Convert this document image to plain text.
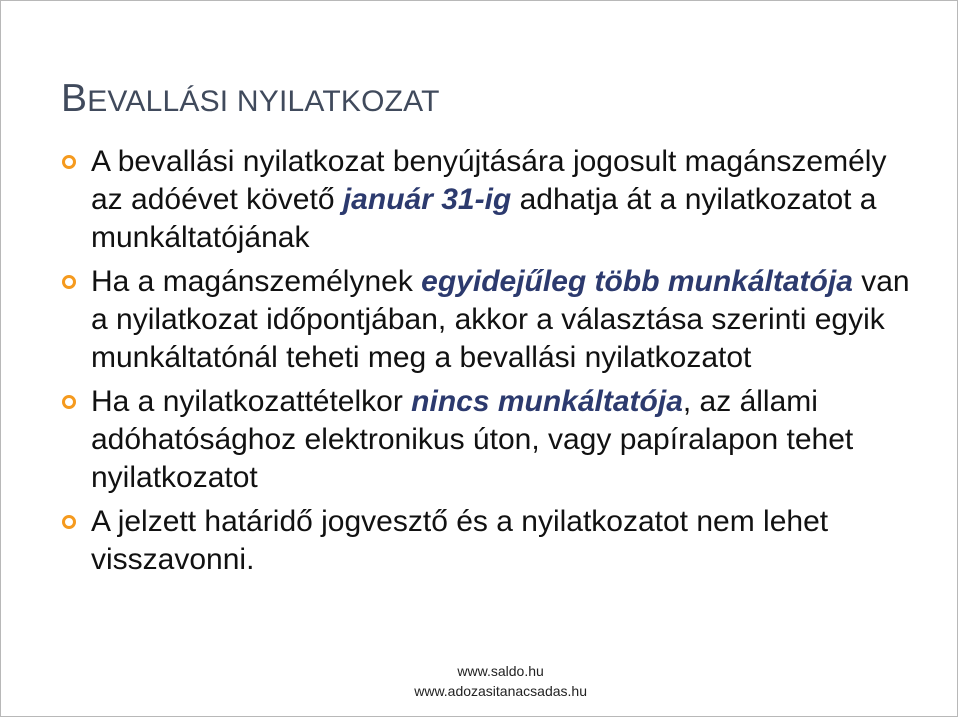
BEVALLÁSI NYILATKOZAT
A bevallási nyilatkozat benyújtására jogosult magánszemély az adóévet követő január 31-ig adhatja át a nyilatkozatot a munkáltatójának
Ha a magánszemélynek egyidejűleg több munkáltatója van a nyilatkozat időpontjában, akkor a választása szerinti egyik munkáltatónál teheti meg a bevallási nyilatkozatot
Ha a nyilatkozattételkor nincs munkáltatója, az állami adóhatósághoz elektronikus úton, vagy papíralapon tehet nyilatkozatot
A jelzett határidő jogvesztő és a nyilatkozatot nem lehet visszavonni.
www.saldo.hu
www.adozasitanacsadas.hu
